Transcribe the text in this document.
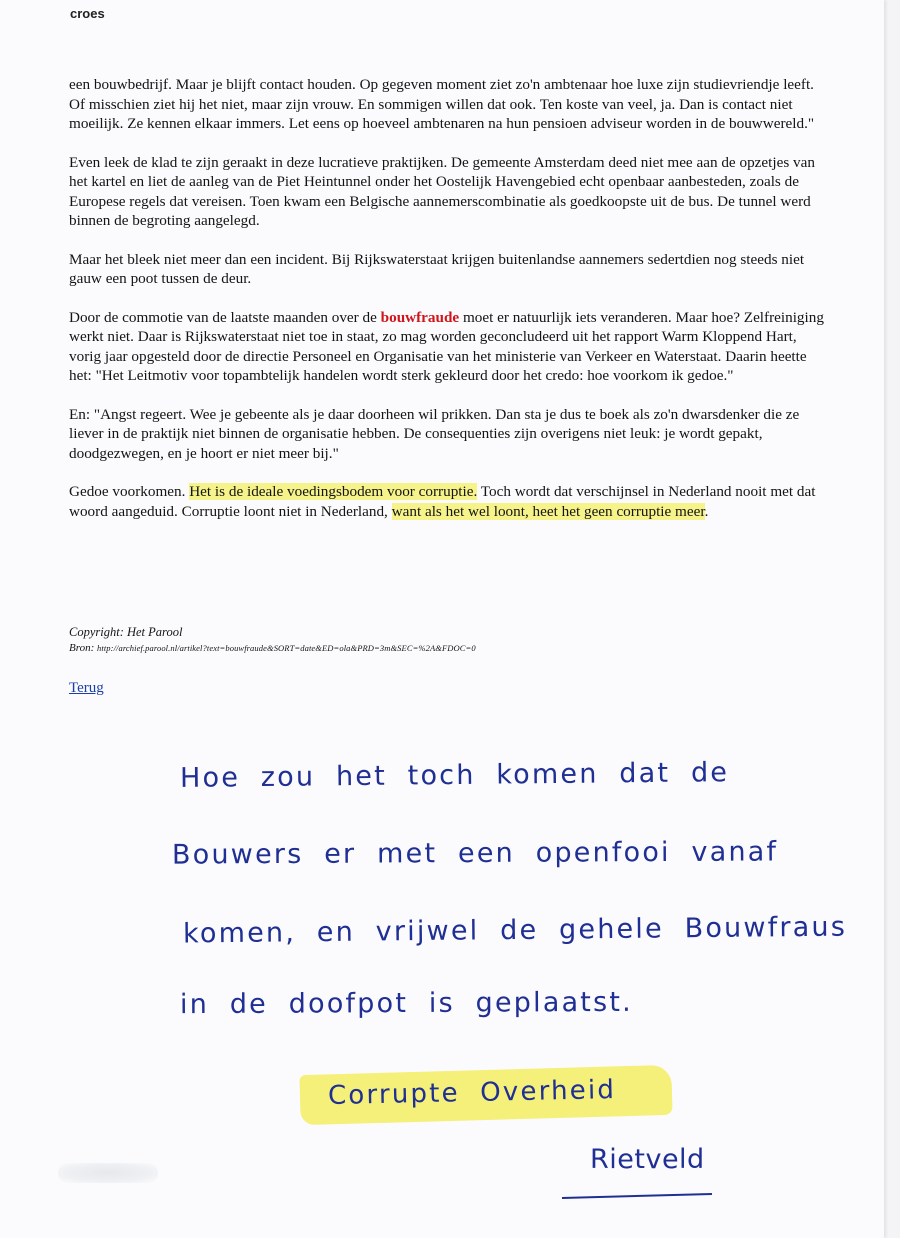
croes

een bouwbedrijf. Maar je blijft contact houden. Op gegeven moment ziet zo'n ambtenaar hoe luxe zijn studievriendje leeft. Of misschien ziet hij het niet, maar zijn vrouw. En sommigen willen dat ook. Ten koste van veel, ja. Dan is contact niet moeilijk. Ze kennen elkaar immers. Let eens op hoeveel ambtenaren na hun pensioen adviseur worden in de bouwwereld."

Even leek de klad te zijn geraakt in deze lucratieve praktijken. De gemeente Amsterdam deed niet mee aan de opzetjes van het kartel en liet de aanleg van de Piet Heintunnel onder het Oostelijk Havengebied echt openbaar aanbesteden, zoals de Europese regels dat vereisen. Toen kwam een Belgische aannemerscombinatie als goedkoopste uit de bus. De tunnel werd binnen de begroting aangelegd.

Maar het bleek niet meer dan een incident. Bij Rijkswaterstaat krijgen buitenlandse aannemers sedertdien nog steeds niet gauw een poot tussen de deur.

Door de commotie van de laatste maanden over de bouwfraude moet er natuurlijk iets veranderen. Maar hoe? Zelfreiniging werkt niet. Daar is Rijkswaterstaat niet toe in staat, zo mag worden geconcludeerd uit het rapport Warm Kloppend Hart, vorig jaar opgesteld door de directie Personeel en Organisatie van het ministerie van Verkeer en Waterstaat. Daarin heette het: "Het Leitmotiv voor topambtelijk handelen wordt sterk gekleurd door het credo: hoe voorkom ik gedoe."

En: "Angst regeert. Wee je gebeente als je daar doorheen wil prikken. Dan sta je dus te boek als zo'n dwarsdenker die ze liever in de praktijk niet binnen de organisatie hebben. De consequenties zijn overigens niet leuk: je wordt gepakt, doodgezwegen, en je hoort er niet meer bij."

Gedoe voorkomen. Het is de ideale voedingsbodem voor corruptie. Toch wordt dat verschijnsel in Nederland nooit met dat woord aangeduid. Corruptie loont niet in Nederland, want als het wel loont, heet het geen corruptie meer.

Copyright: Het Parool
Bron: http://archief.parool.nl/artikel?text=bouwfraude&SORT=date&ED=ola&PRD=3m&SEC=%2A&FDOC=0
Terug
Hoe zou het toch komen dat de
Bouwers er met een openfooi vanaf
komen, en vrijwel de gehele Bouwfraus
in de doofpot is geplaatst.
Corrupte Overheid
Rietveld
